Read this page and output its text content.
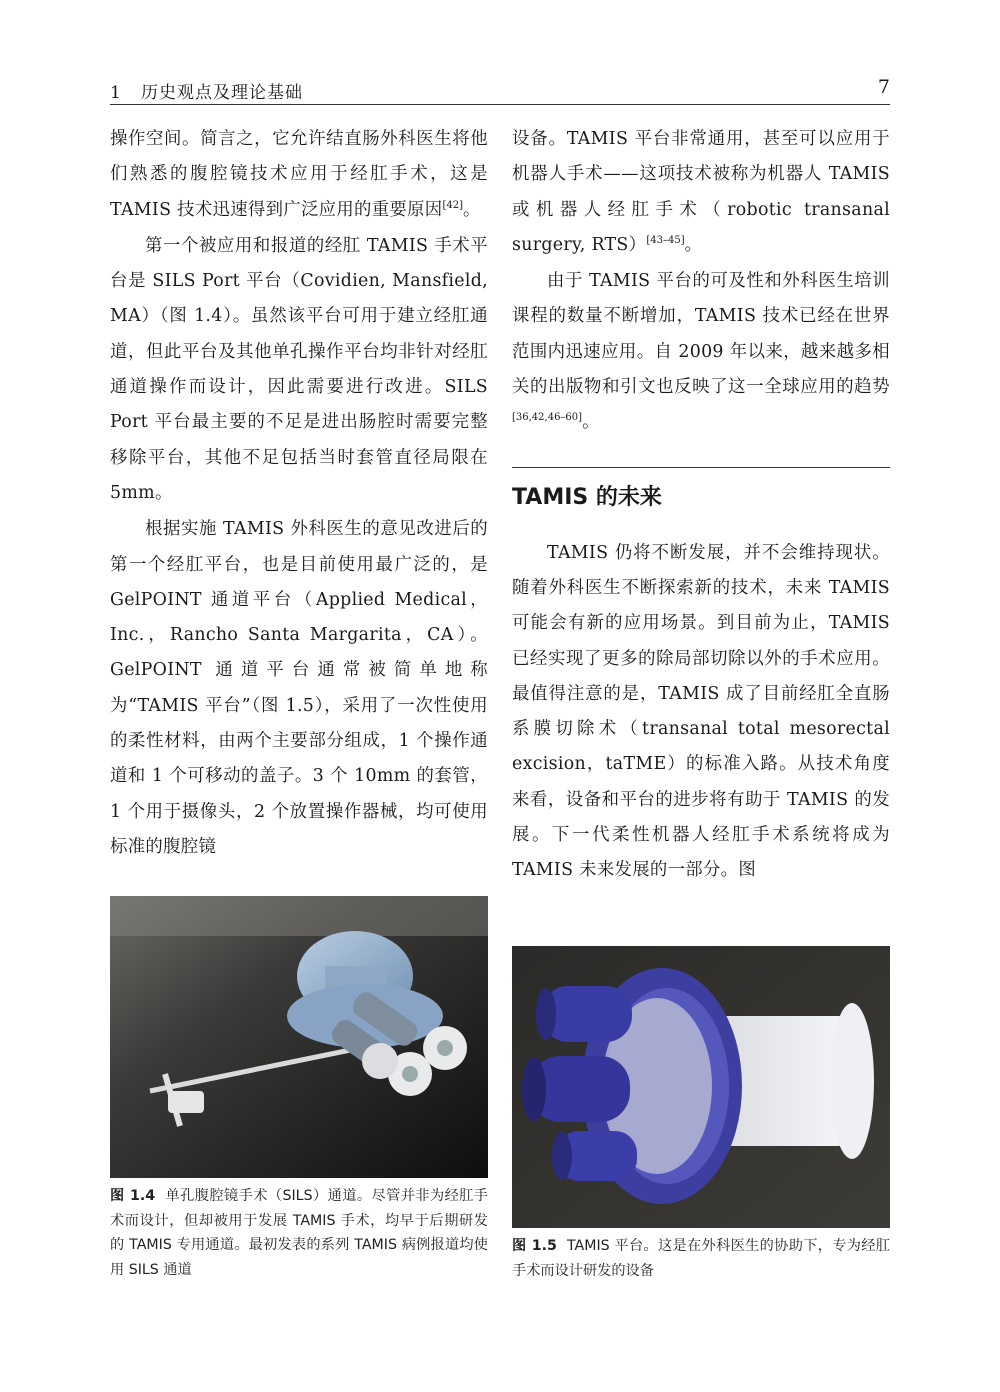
1   历史观点及理论基础	7

操作空间。简言之，它允许结直肠外科医生将他们熟悉的腹腔镜技术应用于经肛手术，这是 TAMIS 技术迅速得到广泛应用的重要原因[42]。

第一个被应用和报道的经肛 TAMIS 手术平台是 SILS Port 平台（Covidien, Mansfield, MA）（图 1.4）。虽然该平台可用于建立经肛通道，但此平台及其他单孔操作平台均非针对经肛通道操作而设计，因此需要进行改进。SILS Port 平台最主要的不足是进出肠腔时需要完整移除平台，其他不足包括当时套管直径局限在 5mm。

根据实施 TAMIS 外科医生的意见改进后的第一个经肛平台，也是目前使用最广泛的，是 GelPOINT 通道平台（Applied Medical，Inc.，Rancho Santa Margarita，CA）。GelPOINT 通道平台通常被简单地称为“TAMIS 平台”（图 1.5），采用了一次性使用的柔性材料，由两个主要部分组成，1 个操作通道和 1 个可移动的盖子。3 个 10mm 的套管，1 个用于摄像头，2 个放置操作器械，均可使用标准的腹腔镜

设备。TAMIS 平台非常通用，甚至可以应用于机器人手术——这项技术被称为机器人 TAMIS 或机器人经肛手术（robotic transanal surgery, RTS）[43–45]。

由于 TAMIS 平台的可及性和外科医生培训课程的数量不断增加，TAMIS 技术已经在世界范围内迅速应用。自 2009 年以来，越来越多相关的出版物和引文也反映了这一全球应用的趋势[36,42,46–60]。

TAMIS 的未来

TAMIS 仍将不断发展，并不会维持现状。随着外科医生不断探索新的技术，未来 TAMIS 可能会有新的应用场景。到目前为止，TAMIS 已经实现了更多的除局部切除以外的手术应用。最值得注意的是，TAMIS 成了目前经肛全直肠系膜切除术（transanal total mesorectal excision，taTME）的标准入路。从技术角度来看，设备和平台的进步将有助于 TAMIS 的发展。下一代柔性机器人经肛手术系统将成为 TAMIS 未来发展的一部分。图

图 1.4 单孔腹腔镜手术（SILS）通道。尽管并非为经肛手术而设计，但却被用于发展 TAMIS 手术，均早于后期研发的 TAMIS 专用通道。最初发表的系列 TAMIS 病例报道均使用 SILS 通道
图 1.5 TAMIS 平台。这是在外科医生的协助下，专为经肛手术而设计研发的设备
